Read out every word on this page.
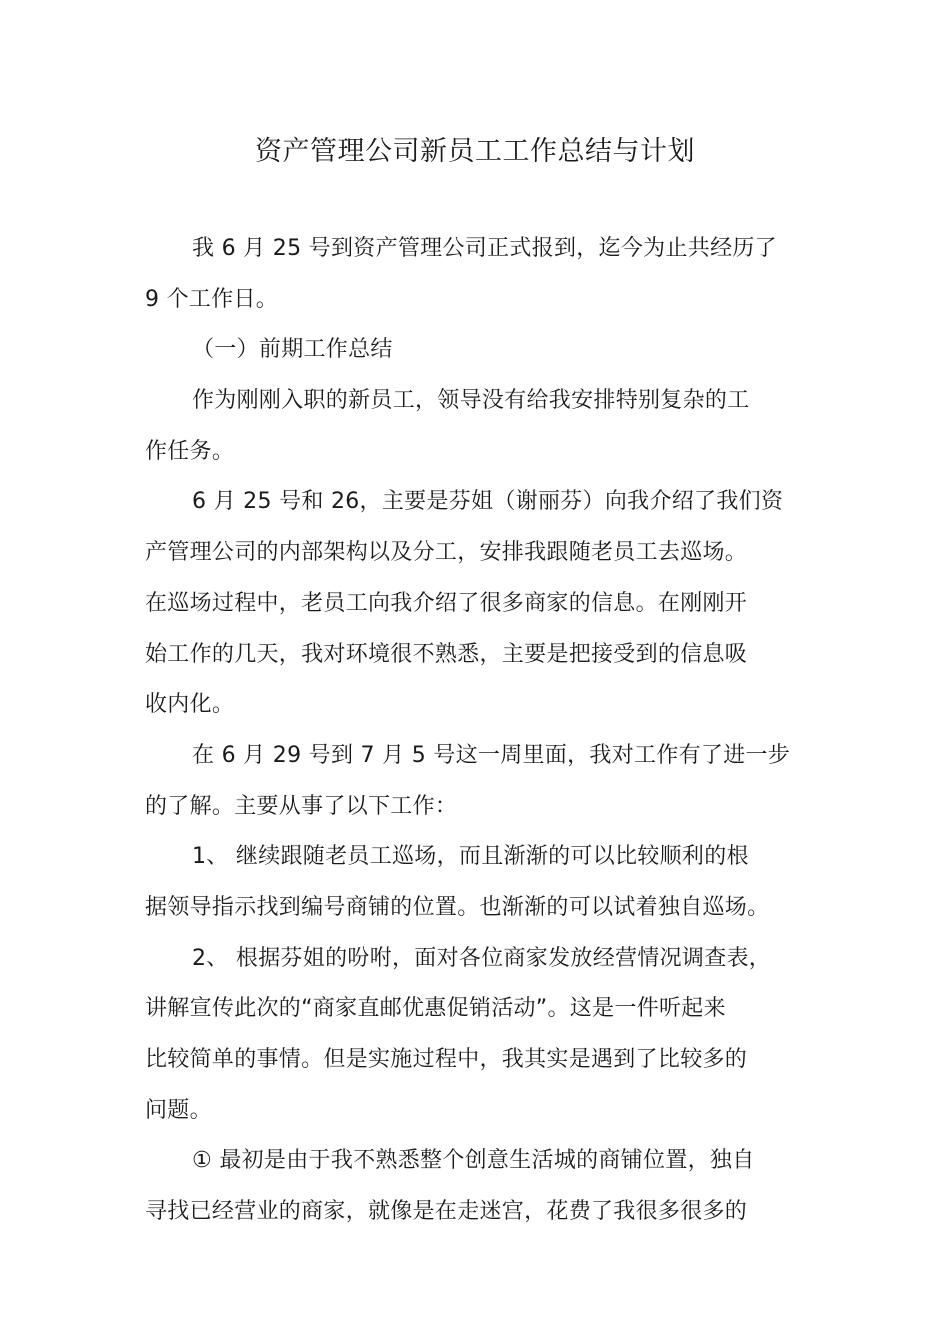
资产管理公司新员工工作总结与计划
我 6 月 25 号到资产管理公司正式报到，迄今为止共经历了
9 个工作日。
（一）前期工作总结
作为刚刚入职的新员工，领导没有给我安排特别复杂的工
作任务。
6 月 25 号和 26，主要是芬姐（谢丽芬）向我介绍了我们资
产管理公司的内部架构以及分工，安排我跟随老员工去巡场。
在巡场过程中，老员工向我介绍了很多商家的信息。在刚刚开
始工作的几天，我对环境很不熟悉，主要是把接受到的信息吸
收内化。
在 6 月 29 号到 7 月 5 号这一周里面，我对工作有了进一步
的了解。主要从事了以下工作：
1、 继续跟随老员工巡场，而且渐渐的可以比较顺利的根
据领导指示找到编号商铺的位置。也渐渐的可以试着独自巡场。
2、 根据芬姐的吩咐，面对各位商家发放经营情况调查表，
讲解宣传此次的“商家直邮优惠促销活动”。这是一件听起来
比较简单的事情。但是实施过程中，我其实是遇到了比较多的
问题。
① 最初是由于我不熟悉整个创意生活城的商铺位置，独自
寻找已经营业的商家，就像是在走迷宫，花费了我很多很多的
